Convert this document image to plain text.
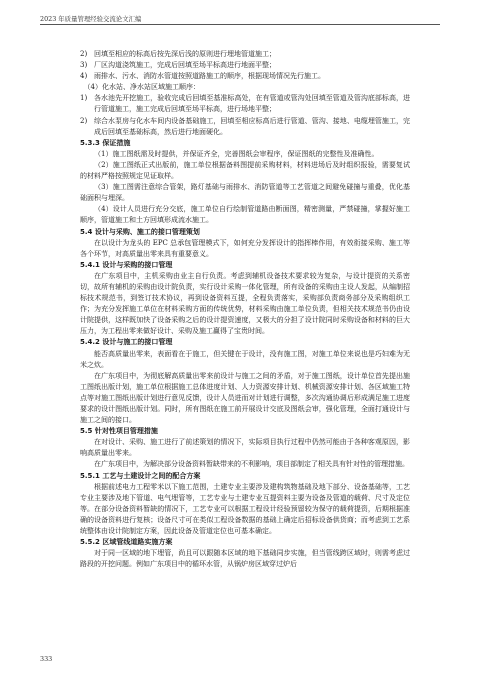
2023 年质量管理经验交流论文汇编
2) 回填至相应的标高后按先深后浅的原则进行埋地管道施工；
3) 厂区沟道浇筑施工，完成后回填至场平标高进行地面平整；
4) 雨排水、污水、消防水管道按照道路施工的顺序，根据现场情况先行施工。

（4）化水站、净水站区域施工顺序：

1) 各水池先开挖施工，验收完成后回填至基准标高处，在有管道或管沟处回填至管道及管沟底部标高，进行管道施工，施工完成后回填至场平标高，进行场地平整；
2) 综合水泵房与化水车间内设备基础施工，回填至相应标高后进行管道、管沟、接地、电缆埋管施工，完成后回填至基础标高，然后进行地面硬化。

5.3.3 保证措施

（1）施工图纸需及时提供，并保证齐全，完善图纸会审程序，保证图纸的完整性及准确性。

（2）施工图纸正式出版前，施工单位根据备料图提前采购材料，材料进场后及时组织报验，需要复试的材料严格按照规定见证取样。

（3）施工图需注意综合管架，路灯基础与雨排水、消防管道等工艺管道之间避免碰撞与重叠，优化基础面积与埋深。

（4）设计人员进行充分交底，施工单位自行绘制管道路由断面图，精密测量，严禁碰撞，掌握好施工顺序，管道施工和土方回填形成流水施工。

5.4 设计与采购、施工的接口管理策划

在以设计为龙头的 EPC 总承包管理模式下，如何充分发挥设计的指挥棒作用，有效衔接采购、施工等各个环节，对高质量出零来具有重要意义。

5.4.1 设计与采购的接口管理

在广东项目中，主机采购由业主自行负责。考虑到辅机设备技术要求较为复杂，与设计提资的关系密切，故所有辅机的采购由设计院负责，实行设计采购一体化管理，所有设备的采购由主设人发起，从编制招标技术规范书，到签订技术协议，再到设备资料互提，全程负责落实，采购部负责商务部分及采购组织工作；为充分发挥施工单位在材料采购方面的传统优势，材料采购由施工单位负责，但相关技术规范书仍由设计院提供，这样既加快了设备采购之后的设计提资速度，又极大的分担了设计院同时采购设备和材料的巨大压力，为工程出零来做好设计、采购及施工赢得了宝贵时间。

5.4.2 设计与施工的接口管理

能否高质量出零来，表面看在于施工，但关键在于设计，没有施工图，对施工单位来说也是巧妇难为无米之炊。

在广东项目中，为彻底解高质量出零来前设计与施工之间的矛盾，对于施工图纸，设计单位首先提出施工图纸出版计划，施工单位根据施工总体进度计划、人力资源安排计划、机械资源安排计划、各区域施工特点等对施工图纸出版计划进行意见反馈，设计人员进而对计划进行调整，多次沟通协调后形成满足施工进度要求的设计图纸出版计划。同时，所有图纸在施工前开展设计交底及图纸会审，强化管理，全面打通设计与施工之间的接口。

5.5 针对性项目管理措施

在对设计、采购、施工进行了前述策划的情况下，实际项目执行过程中仍然可能由于各种客观原因，影响高质量出零来。

在广东项目中，为解决部分设备资料暂缺带来的不利影响，项目部制定了相关具有针对性的管理措施。

5.5.1 工艺与土建设计之间的配合方案

根据前述电力工程零米以下施工范围，土建专业主要涉及建构筑物基础及地下部分、设备基础等，工艺专业主要涉及地下管道、电气埋管等，工艺专业与土建专业互提资料主要为设备及管道的载荷、尺寸及定位等。在部分设备资料暂缺的情况下，工艺专业可以根据工程设计经验预留较为保守的载荷提资，后期根据准确的设备资料进行复核；设备尺寸可在类似工程设备数据的基础上确定后招标设备供货商；而考虑到工艺系统整体由设计院制定方案，因此设备及管道定位也可基本确定。

5.5.2 区域管线道路实施方案

对于同一区域的地下埋管，尚且可以跟随本区域的地下基础同步实施，但当管线跨区域时，则需考虑过路段的开挖问题。例如广东项目中的循环水管，从锅炉房区域穿过炉后

333
